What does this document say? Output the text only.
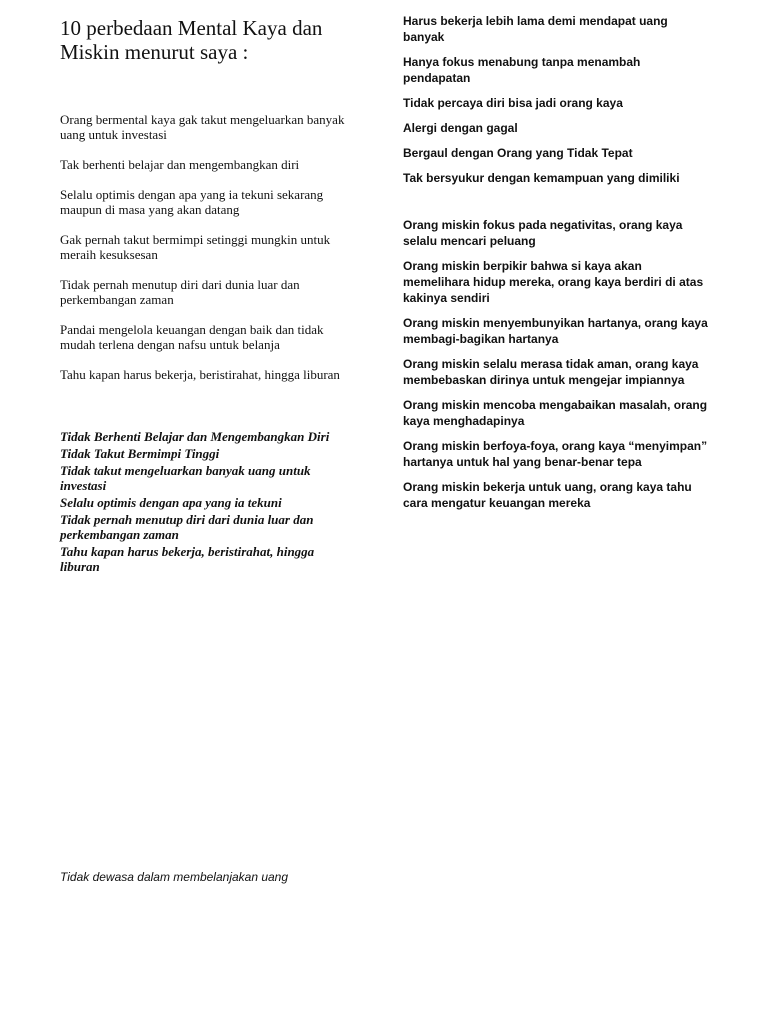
10 perbedaan Mental Kaya dan Miskin menurut saya :
Orang bermental kaya gak takut mengeluarkan banyak uang untuk investasi
Tak berhenti belajar dan mengembangkan diri
Selalu optimis dengan apa yang ia tekuni sekarang maupun di masa yang akan datang
Gak pernah takut bermimpi setinggi mungkin untuk meraih kesuksesan
Tidak pernah menutup diri dari dunia luar dan perkembangan zaman
Pandai mengelola keuangan dengan baik dan tidak mudah terlena dengan nafsu untuk belanja
Tahu kapan harus bekerja, beristirahat, hingga liburan
Tidak Berhenti Belajar dan Mengembangkan Diri
Tidak Takut Bermimpi Tinggi
Tidak takut mengeluarkan banyak uang untuk investasi
Selalu optimis dengan apa yang ia tekuni
Tidak pernah menutup diri dari dunia luar dan perkembangan zaman
Tahu kapan harus bekerja, beristirahat, hingga liburan
Harus bekerja lebih lama demi mendapat uang banyak
Hanya fokus menabung tanpa menambah pendapatan
Tidak percaya diri bisa jadi orang kaya
Alergi dengan gagal
Bergaul dengan Orang yang Tidak Tepat
Tak bersyukur dengan kemampuan yang dimiliki
Orang miskin fokus pada negativitas, orang kaya selalu mencari peluang
Orang miskin berpikir bahwa si kaya akan memelihara hidup mereka, orang kaya berdiri di atas kakinya sendiri
Orang miskin menyembunyikan hartanya, orang kaya membagi-bagikan hartanya
Orang miskin selalu merasa tidak aman, orang kaya membebaskan dirinya untuk mengejar impiannya
Orang miskin mencoba mengabaikan masalah, orang kaya menghadapinya
Orang miskin berfoya-foya, orang kaya “menyimpan” hartanya untuk hal yang benar-benar tepa
Orang miskin bekerja untuk uang, orang kaya tahu cara mengatur keuangan mereka

Tidak dewasa dalam membelanjakan uang
